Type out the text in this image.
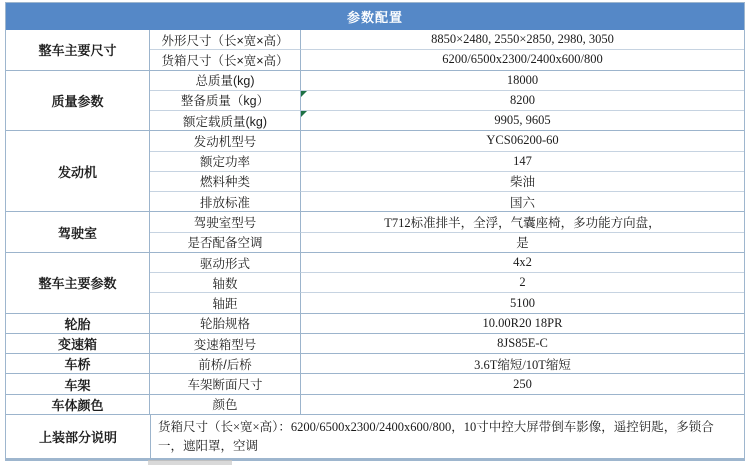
参数配置
整车主要尺寸
质量参数
发动机
驾驶室
整车主要参数
轮胎
变速箱
车桥
车架
车体颜色
外形尺寸（长×宽×高）
货箱尺寸（长×宽×高）
总质量(kg)
整备质量（kg）
额定载质量(kg)
发动机型号
额定功率
燃料种类
排放标准
驾驶室型号
是否配备空调
驱动形式
轴数
轴距
轮胎规格
变速箱型号
前桥/后桥
车架断面尺寸
颜色
8850×2480, 2550×2850, 2980, 3050
6200/6500x2300/2400x600/800
18000
8200
9905, 9605
YCS06200-60
147
柴油
国六
T712标准排半，全浮，气囊座椅，多功能方向盘，
是
4x2
2
5100
10.00R20 18PR
8JS85E-C
3.6T缩短/10T缩短
250
上装部分说明
货箱尺寸（长×宽×高）：6200/6500x2300/2400x600/800，10寸中控大屏带倒车影像，遥控钥匙，多锁合一，遮阳罩，空调
